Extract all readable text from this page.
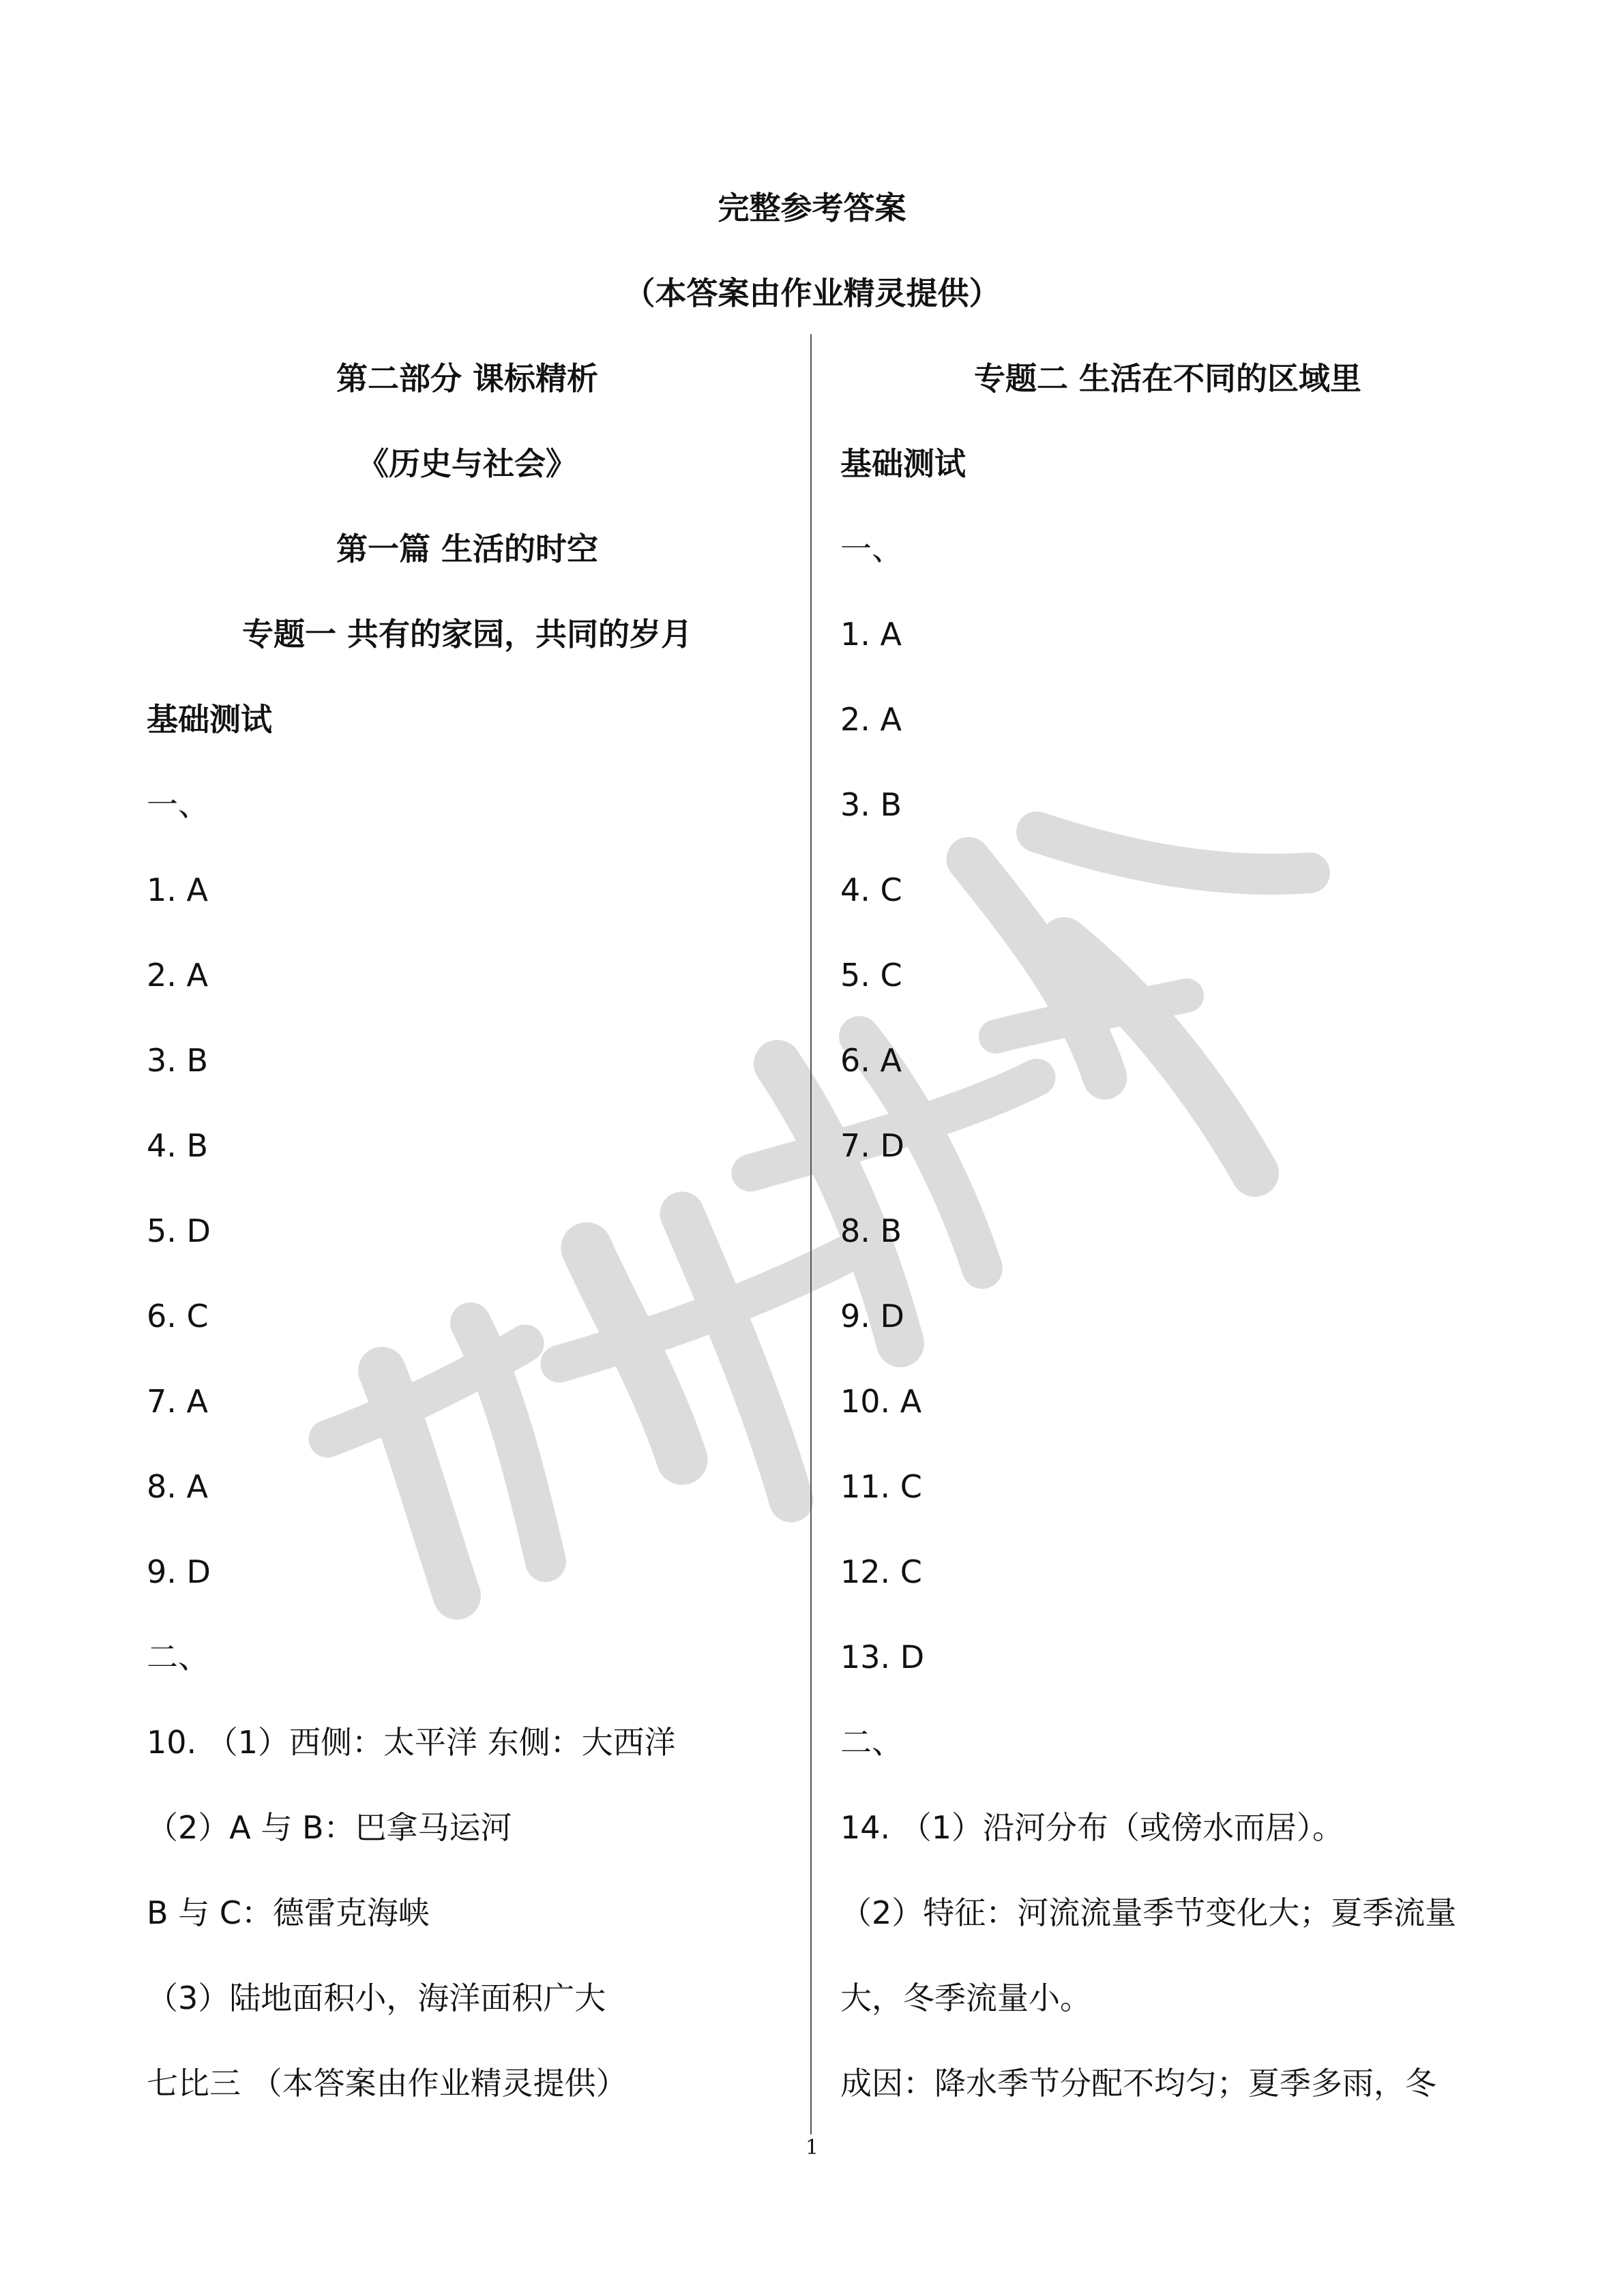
完整参考答案
（本答案由作业精灵提供）
第二部分 课标精析
《历史与社会》
第一篇 生活的时空
专题一 共有的家园，共同的岁月
基础测试
一、
1. A
2. A
3. B
4. B
5. D
6. C
7. A
8. A
9. D
二、
10. （1）西侧：太平洋 东侧：大西洋
（2）A 与 B：巴拿马运河
B 与 C：德雷克海峡
（3）陆地面积小，海洋面积广大
七比三 （本答案由作业精灵提供）
专题二 生活在不同的区域里
基础测试
一、
1. A
2. A
3. B
4. C
5. C
6. A
7. D
8. B
9. D
10. A
11. C
12. C
13. D
二、
14. （1）沿河分布（或傍水而居）。
（2）特征：河流流量季节变化大；夏季流量
大，冬季流量小。
成因：降水季节分配不均匀；夏季多雨，冬
1
